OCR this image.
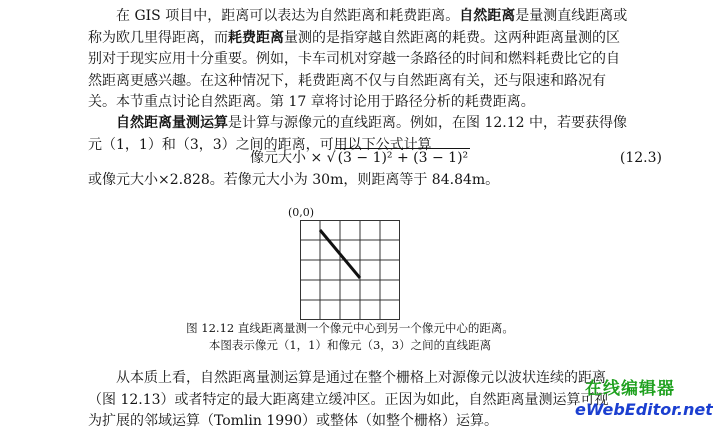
在 GIS 项目中，距离可以表达为自然距离和耗费距离。自然距离是量测直线距离或
称为欧几里得距离，而耗费距离量测的是指穿越自然距离的耗费。这两种距离量测的区
别对于现实应用十分重要。例如，卡车司机对穿越一条路径的时间和燃料耗费比它的自
然距离更感兴趣。在这种情况下，耗费距离不仅与自然距离有关，还与限速和路况有
关。本节重点讨论自然距离。第 17 章将讨论用于路径分析的耗费距离。

自然距离量测运算是计算与源像元的直线距离。例如，在图 12.12 中，若要获得像
元（1，1）和（3，3）之间的距离，可用以下公式计算

像元大小 × √ (3 − 1)² + (3 − 1)²	(12.3)

或像元大小×2.828。若像元大小为 30m，则距离等于 84.84m。

(0,0)
图 12.12 直线距离量测一个像元中心到另一个像元中心的距离。
本图表示像元（1，1）和像元（3，3）之间的直线距离

从本质上看，自然距离量测运算是通过在整个栅格上对源像元以波状连续的距离
（图 12.13）或者特定的最大距离建立缓冲区。正因为如此，自然距离量测运算可视
为扩展的邻域运算（Tomlin 1990）或整体（如整个栅格）运算。

在线编辑器
eWebEditor.net
